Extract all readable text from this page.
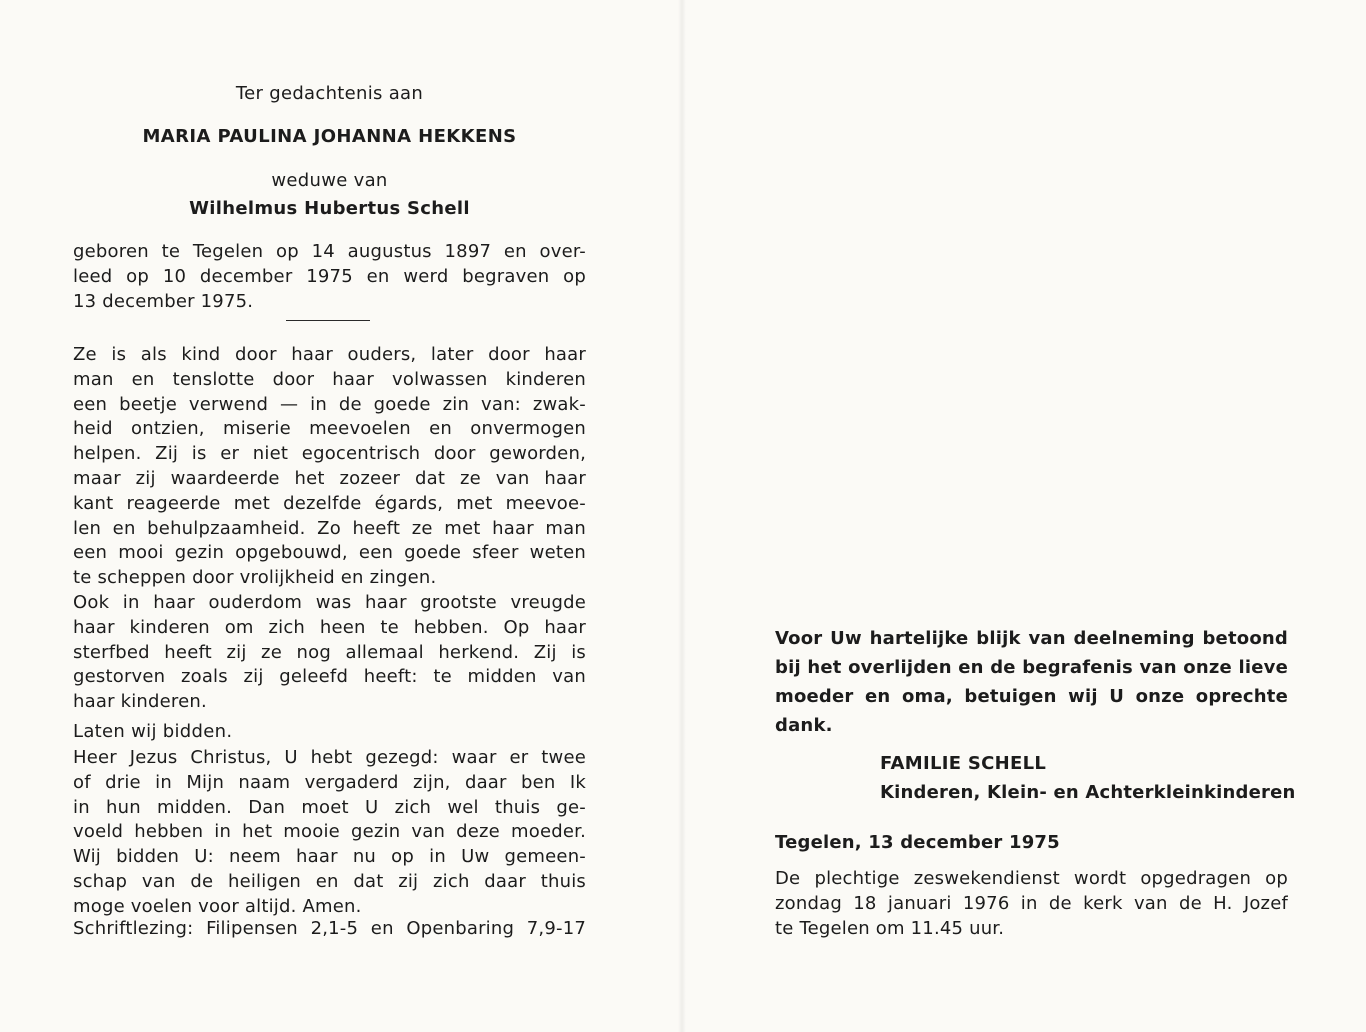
Ter gedachtenis aan
MARIA PAULINA JOHANNA HEKKENS
weduwe van
Wilhelmus Hubertus Schell
geboren te Tegelen op 14 augustus 1897 en over-
leed op 10 december 1975 en werd begraven op
13 december 1975.
Ze is als kind door haar ouders, later door haar
man en tenslotte door haar volwassen kinderen
een beetje verwend — in de goede zin van: zwak-
heid ontzien, miserie meevoelen en onvermogen
helpen. Zij is er niet egocentrisch door geworden,
maar zij waardeerde het zozeer dat ze van haar
kant reageerde met dezelfde égards, met meevoe-
len en behulpzaamheid. Zo heeft ze met haar man
een mooi gezin opgebouwd, een goede sfeer weten
te scheppen door vrolijkheid en zingen.
Ook in haar ouderdom was haar grootste vreugde
haar kinderen om zich heen te hebben. Op haar
sterfbed heeft zij ze nog allemaal herkend. Zij is
gestorven zoals zij geleefd heeft: te midden van
haar kinderen.
Laten wij bidden.
Heer Jezus Christus, U hebt gezegd: waar er twee
of drie in Mijn naam vergaderd zijn, daar ben Ik
in hun midden. Dan moet U zich wel thuis ge-
voeld hebben in het mooie gezin van deze moeder.
Wij bidden U: neem haar nu op in Uw gemeen-
schap van de heiligen en dat zij zich daar thuis
moge voelen voor altijd. Amen.
Schriftlezing: Filipensen 2,1-5 en Openbaring 7,9-17
Voor Uw hartelijke blijk van deelneming betoond
bij het overlijden en de begrafenis van onze lieve
moeder en oma, betuigen wij U onze oprechte
dank.
FAMILIE SCHELL
Kinderen, Klein- en Achterkleinkinderen
Tegelen, 13 december 1975
De plechtige zeswekendienst wordt opgedragen op
zondag 18 januari 1976 in de kerk van de H. Jozef
te Tegelen om 11.45 uur.
